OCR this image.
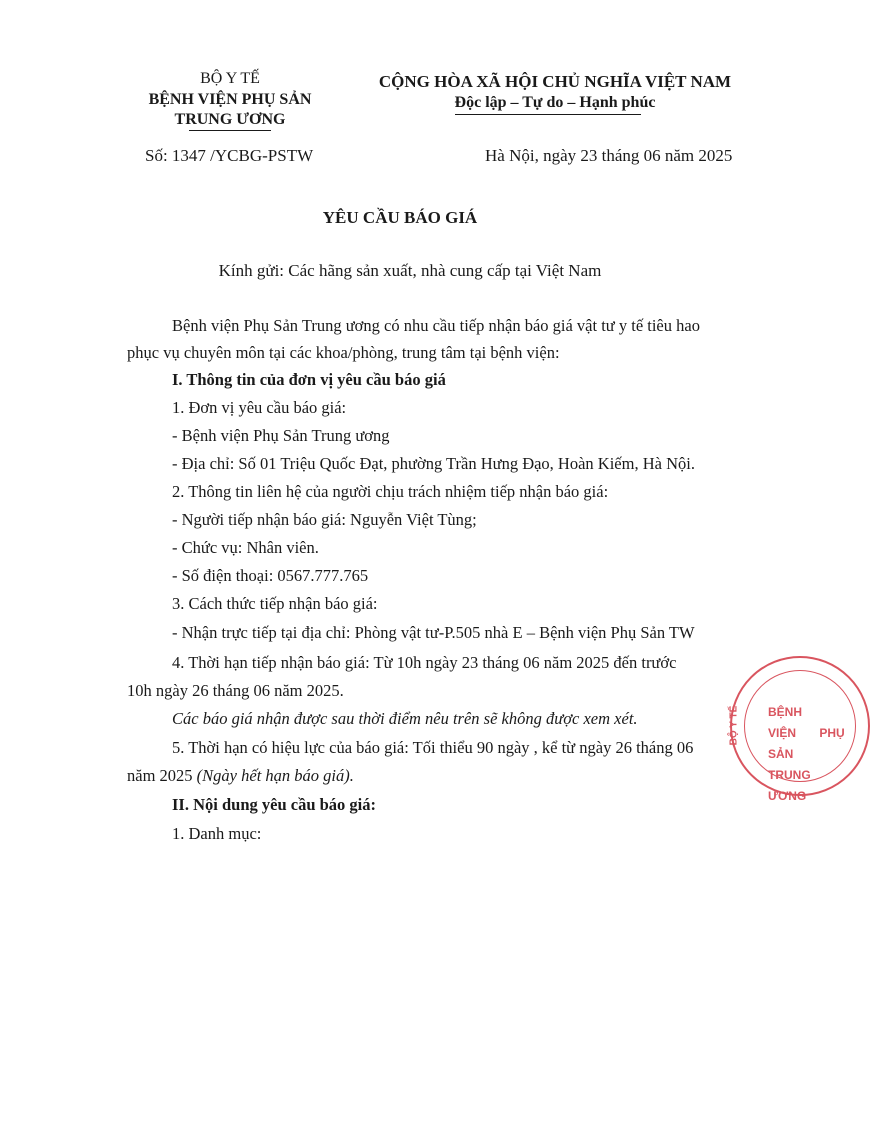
BỘ Y TẾ
BỆNH VIỆN PHỤ SẢN
TRUNG ƯƠNG
CỘNG HÒA XÃ HỘI CHỦ NGHĨA VIỆT NAM
Độc lập – Tự do – Hạnh phúc
Số: 1347 /YCBG-PSTW	Hà Nội, ngày 23 tháng 06 năm 2025
YÊU CẦU BÁO GIÁ
Kính gửi: Các hãng sản xuất, nhà cung cấp tại Việt Nam
Bệnh viện Phụ Sản Trung ương có nhu cầu tiếp nhận báo giá vật tư y tế tiêu hao
phục vụ chuyên môn tại các khoa/phòng, trung tâm tại bệnh viện:
I. Thông tin của đơn vị yêu cầu báo giá
1. Đơn vị yêu cầu báo giá:
- Bệnh viện Phụ Sản Trung ương
- Địa chỉ: Số 01 Triệu Quốc Đạt, phường Trần Hưng Đạo, Hoàn Kiếm, Hà Nội.
2. Thông tin liên hệ của người chịu trách nhiệm tiếp nhận báo giá:
- Người tiếp nhận báo giá: Nguyễn Việt Tùng;
- Chức vụ: Nhân viên.
- Số điện thoại: 0567.777.765
3. Cách thức tiếp nhận báo giá:
- Nhận trực tiếp tại địa chỉ: Phòng vật tư-P.505 nhà E – Bệnh viện Phụ Sản TW
4. Thời hạn tiếp nhận báo giá: Từ 10h ngày 23 tháng 06 năm 2025 đến trước
10h ngày 26 tháng 06 năm 2025.
Các báo giá nhận được sau thời điểm nêu trên sẽ không được xem xét.
5. Thời hạn có hiệu lực của báo giá: Tối thiểu 90 ngày , kể từ ngày 26 tháng 06
năm 2025 (Ngày hết hạn báo giá).
II. Nội dung yêu cầu báo giá:
1. Danh mục:
BỆNH VIỆN PHỤ SẢN TRUNG ƯƠNG
BỘ Y TẾ
